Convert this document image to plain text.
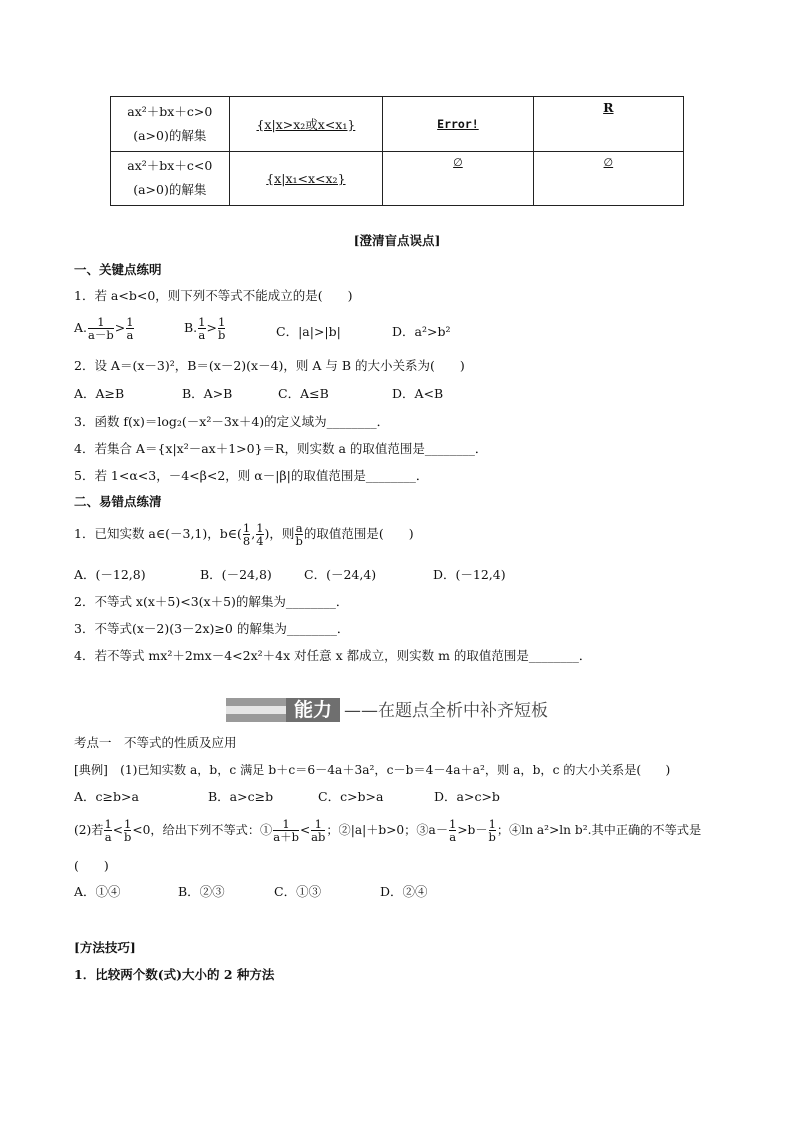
ax²＋bx＋c>0
(a>0)的解集	{x|x>x₂或x<x₁}	Error!	R

ax²＋bx＋c<0
(a>0)的解集	{x|x₁<x<x₂}	∅	∅
[澄清盲点误点]
一、关键点练明
1．若 a<b<0，则下列不等式不能成立的是(　　)
A. $\frac{1}{a-b} > \frac{1}{a}$	B. $\frac{1}{a} > \frac{1}{b}$	C．|a|>|b|	D．a²>b²
2．设 A＝(x－3)²，B＝(x－2)(x－4)，则 A 与 B 的大小关系为(　　)
A．A≥B	B．A>B	C．A≤B	D．A<B
3．函数 f(x)＝log₂(－x²－3x＋4)的定义域为________．
4．若集合 A＝{x|x²－ax＋1>0}＝R，则实数 a 的取值范围是________．
5．若 1<α<3，－4<β<2，则 α－|β|的取值范围是________．
二、易错点练清
1．已知实数 a∈(－3,1)，b∈( $\frac{1}{8}$ , $\frac{1}{4}$ )，则 $\frac{a}{b}$ 的取值范围是(　　)
A．(－12,8)	B．(－24,8)	C．(－24,4)	D．(－12,4)
2．不等式 x(x＋5)<3(x＋5)的解集为________．
3．不等式(x－2)(3－2x)≥0 的解集为________．
4．若不等式 mx²＋2mx－4<2x²＋4x 对任意 x 都成立，则实数 m 的取值范围是________．
能力 ——在题点全析中补齐短板
考点一　不等式的性质及应用
[典例]　(1)已知实数 a，b，c 满足 b＋c＝6－4a＋3a²，c－b＝4－4a＋a²，则 a，b，c 的大小关系是(　　)
A．c≥b>a	B．a>c≥b	C．c>b>a	D．a>c>b
(2)若 $\frac{1}{a} < \frac{1}{b} <0$，给出下列不等式：① $\frac{1}{a+b} < \frac{1}{ab}$ ；②|a|＋b>0；③a－ $\frac{1}{a} >b- \frac{1}{b}$ ；④ln a²>ln b².其中正确的不等式是
(　　)
A．①④	B．②③	C．①③	D．②④
[方法技巧]
1．比较两个数(式)大小的 2 种方法
